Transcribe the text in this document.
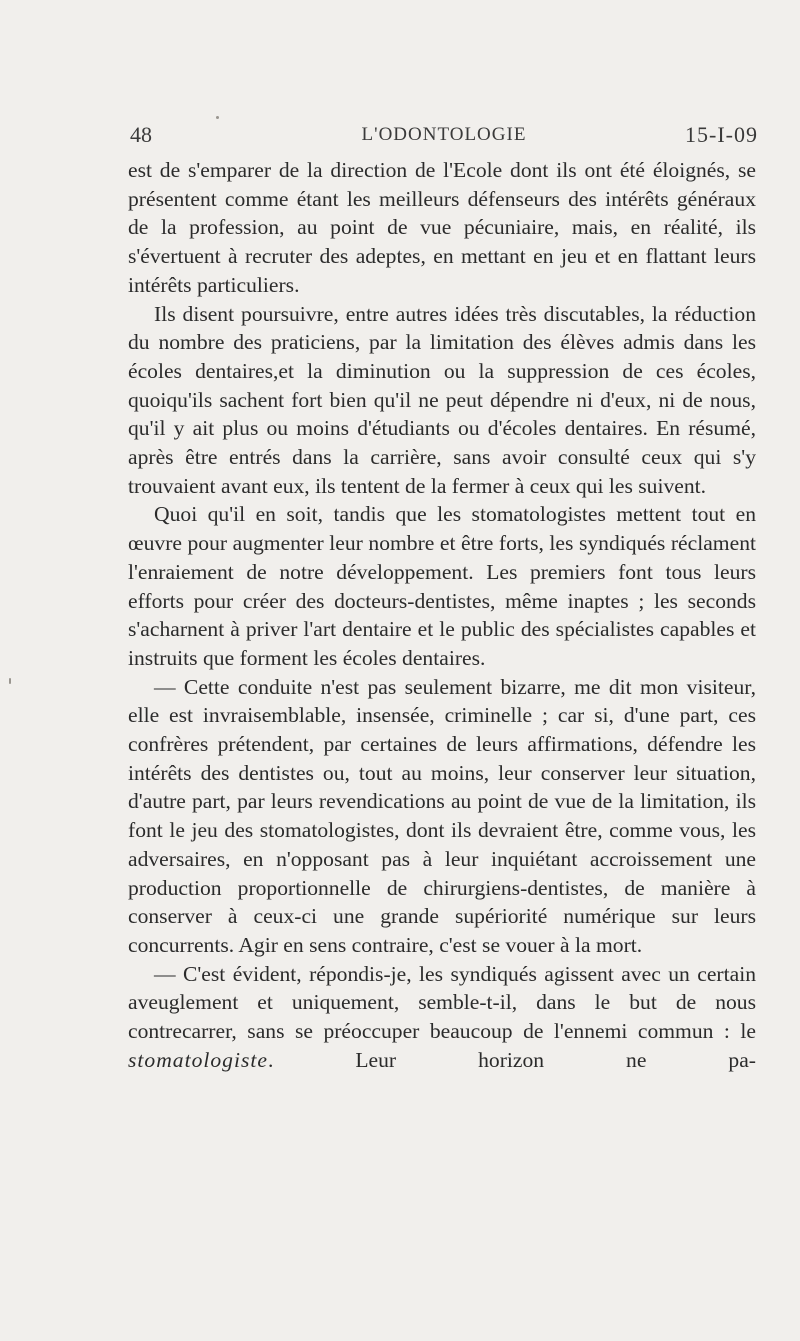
48	L'ODONTOLOGIE	15-I-09

est de s'emparer de la direction de l'Ecole dont ils ont été éloignés, se présentent comme étant les meilleurs défenseurs des intérêts généraux de la profession, au point de vue pécuniaire, mais, en réalité, ils s'évertuent à recruter des adeptes, en mettant en jeu et en flattant leurs intérêts particuliers.

Ils disent poursuivre, entre autres idées très discutables, la réduction du nombre des praticiens, par la limitation des élèves admis dans les écoles dentaires,et la diminution ou la suppression de ces écoles, quoiqu'ils sachent fort bien qu'il ne peut dépendre ni d'eux, ni de nous, qu'il y ait plus ou moins d'étudiants ou d'écoles dentaires. En résumé, après être entrés dans la carrière, sans avoir consulté ceux qui s'y trouvaient avant eux, ils tentent de la fermer à ceux qui les suivent.

Quoi qu'il en soit, tandis que les stomatologistes mettent tout en œuvre pour augmenter leur nombre et être forts, les syndiqués réclament l'enraiement de notre développement. Les premiers font tous leurs efforts pour créer des docteurs-dentistes, même inaptes ; les seconds s'acharnent à priver l'art dentaire et le public des spécialistes capables et instruits que forment les écoles dentaires.

— Cette conduite n'est pas seulement bizarre, me dit mon visiteur, elle est invraisemblable, insensée, criminelle ; car si, d'une part, ces confrères prétendent, par certaines de leurs affirmations, défendre les intérêts des dentistes ou, tout au moins, leur conserver leur situation, d'autre part, par leurs revendications au point de vue de la limitation, ils font le jeu des stomatologistes, dont ils devraient être, comme vous, les adversaires, en n'opposant pas à leur inquiétant accroissement une production proportionnelle de chirurgiens-dentistes, de manière à conserver à ceux-ci une grande supériorité numérique sur leurs concurrents. Agir en sens contraire, c'est se vouer à la mort.

— C'est évident, répondis-je, les syndiqués agissent avec un certain aveuglement et uniquement, semble-t-il, dans le but de nous contrecarrer, sans se préoccuper beaucoup de l'ennemi commun : le stomatologiste. Leur horizon ne pa-
